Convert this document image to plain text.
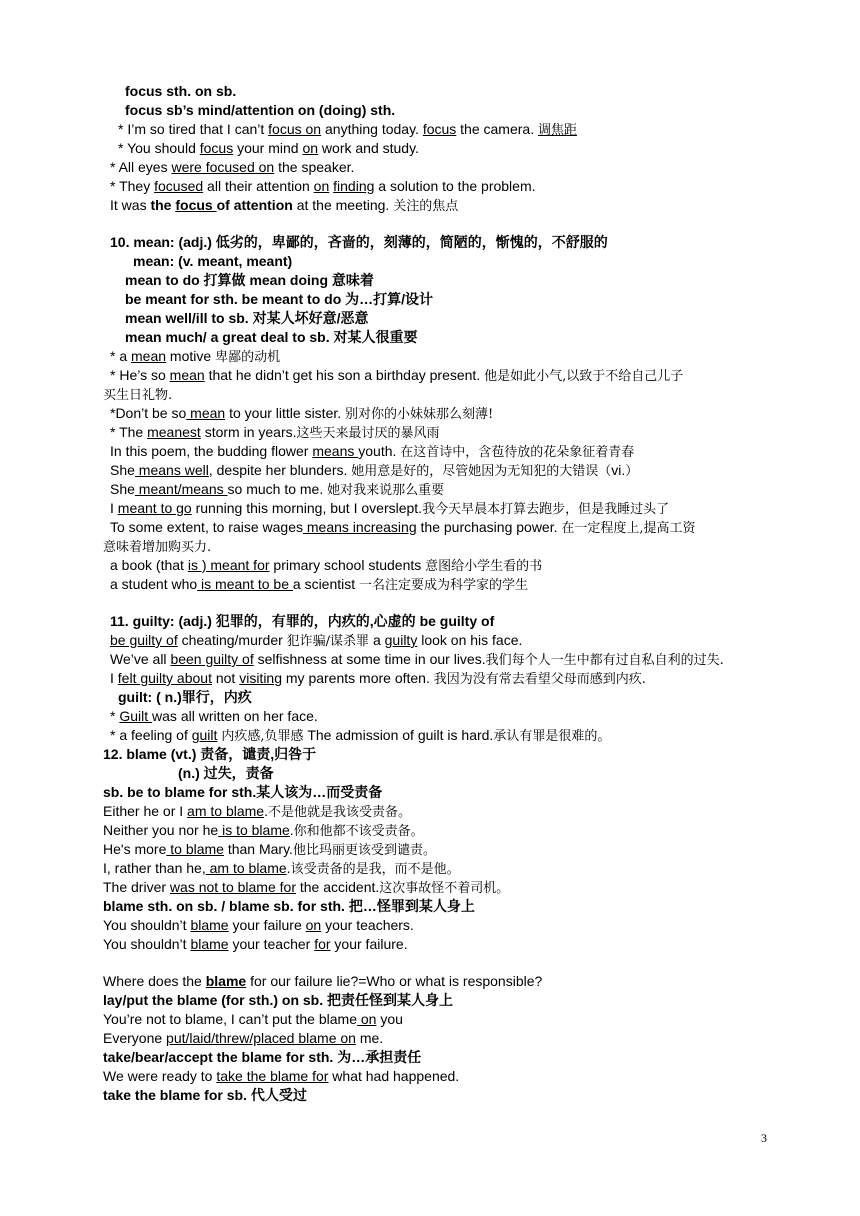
focus sth. on sb.
focus sb’s mind/attention on (doing) sth.
* I’m so tired that I can’t focus on anything today. focus the camera. 调焦距
* You should focus your mind on work and study.
* All eyes were focused on the speaker.
* They focused all their attention on finding a solution to the problem.
It was the focus of attention at the meeting. 关注的焦点
10. mean: (adj.) 低劣的，卑鄙的，吝啬的，刻薄的，简陋的，惭愧的，不舒服的
mean: (v. meant, meant)
mean to do 打算做 mean doing 意味着
be meant for sth. be meant to do 为…打算/设计
mean well/ill to sb. 对某人坏好意/恶意
mean much/ a great deal to sb. 对某人很重要
* a mean motive 卑鄙的动机
* He’s so mean that he didn’t get his son a birthday present. 他是如此小气,以致于不给自己儿子
买生日礼物.
*Don’t be so mean to your little sister. 别对你的小妹妹那么刻薄!
* The meanest storm in years.这些天来最讨厌的暴风雨
In this poem, the budding flower means youth. 在这首诗中，含苞待放的花朵象征着青春
She means well, despite her blunders. 她用意是好的，尽管她因为无知犯的大错误（vi.）
She meant/means so much to me. 她对我来说那么重要
I meant to go running this morning, but I overslept.我今天早晨本打算去跑步，但是我睡过头了
To some extent, to raise wages means increasing the purchasing power. 在一定程度上,提高工资
意味着增加购买力.
a book (that is ) meant for primary school students 意图给小学生看的书
a student who is meant to be a scientist 一名注定要成为科学家的学生
11. guilty: (adj.) 犯罪的，有罪的，内疚的,心虚的 be guilty of
be guilty of cheating/murder 犯诈骗/谋杀罪 a guilty look on his face.
We’ve all been guilty of selfishness at some time in our lives.我们每个人一生中都有过自私自利的过失.
I felt guilty about not visiting my parents more often. 我因为没有常去看望父母而感到内疚.
guilt: ( n.)罪行，内疚
* Guilt was all written on her face.
* a feeling of guilt 内疚感,负罪感 The admission of guilt is hard.承认有罪是很难的。
12. blame (vt.) 责备，谴责,归咎于
(n.) 过失，责备
sb. be to blame for sth.某人该为…而受责备
Either he or I am to blame.不是他就是我该受责备。
Neither you nor he is to blame.你和他都不该受责备。
He's more to blame than Mary.他比玛丽更该受到谴责。
I, rather than he, am to blame.该受责备的是我，而不是他。
The driver was not to blame for the accident.这次事故怪不着司机。
blame sth. on sb. / blame sb. for sth. 把…怪罪到某人身上
You shouldn’t blame your failure on your teachers.
You shouldn’t blame your teacher for your failure.
Where does the blame for our failure lie?=Who or what is responsible?
lay/put the blame (for sth.) on sb. 把责任怪到某人身上
You’re not to blame, I can’t put the blame on you
Everyone put/laid/threw/placed blame on me.
take/bear/accept the blame for sth. 为…承担责任
We were ready to take the blame for what had happened.
take the blame for sb. 代人受过
3
